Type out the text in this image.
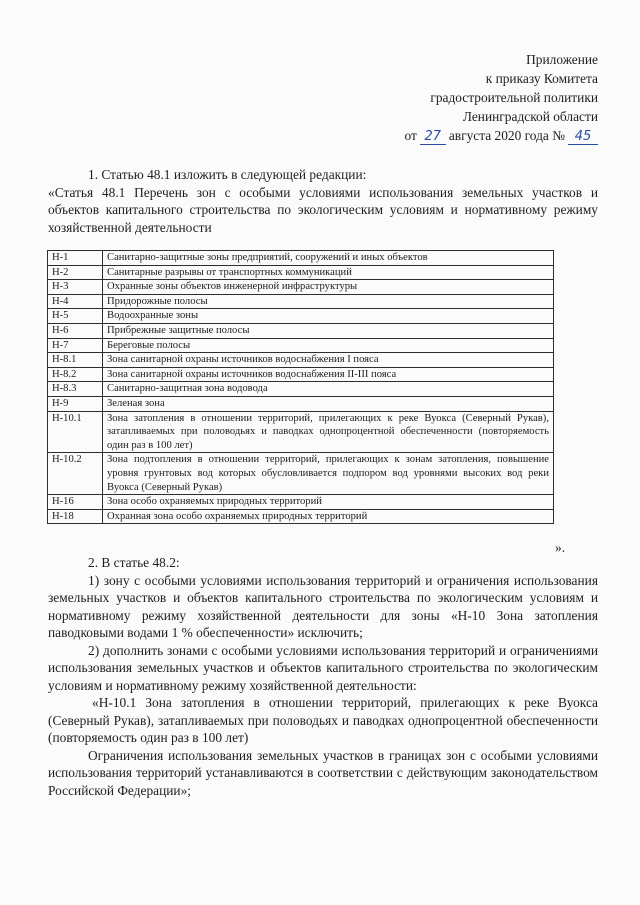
Приложение
к приказу Комитета
градостроительной политики
Ленинградской области
от 27 августа 2020 года № 45

1. Статью 48.1 изложить в следующей редакции:

«Статья 48.1 Перечень зон с особыми условиями использования земельных участков и объектов капитального строительства по экологическим условиям и нормативному режиму хозяйственной деятельности

Н-1	Санитарно-защитные зоны предприятий, сооружений и иных объектов
Н-2	Санитарные разрывы от транспортных коммуникаций
Н-3	Охранные зоны объектов инженерной инфраструктуры
Н-4	Придорожные полосы
Н-5	Водоохранные зоны
Н-6	Прибрежные защитные полосы
Н-7	Береговые полосы
Н-8.1	Зона санитарной охраны источников водоснабжения I пояса
Н-8.2	Зона санитарной охраны источников водоснабжения II-III пояса
Н-8.3	Санитарно-защитная зона водовода
Н-9	Зеленая зона
Н-10.1	Зона затопления в отношении территорий, прилегающих к реке Вуокса (Северный Рукав), затапливаемых при половодьях и паводках однопроцентной обеспеченности (повторяемость один раз в 100 лет)
Н-10.2	Зона подтопления в отношении территорий, прилегающих к зонам затопления, повышение уровня грунтовых вод которых обусловливается подпором вод уровнями высоких вод реки Вуокса (Северный Рукав)
Н-16	Зона особо охраняемых природных территорий
Н-18	Охранная зона особо охраняемых природных территорий
».

2. В статье 48.2:

1) зону с особыми условиями использования территорий и ограничения использования земельных участков и объектов капитального строительства по экологическим условиям и нормативному режиму хозяйственной деятельности для зоны «Н-10 Зона затопления паводковыми водами 1 % обеспеченности» исключить;

2) дополнить зонами с особыми условиями использования территорий и ограничениями использования земельных участков и объектов капитального строительства по экологическим условиям и нормативному режиму хозяйственной деятельности:

«Н-10.1 Зона затопления в отношении территорий, прилегающих к реке Вуокса (Северный Рукав), затапливаемых при половодьях и паводках однопроцентной обеспеченности (повторяемость один раз в 100 лет)

Ограничения использования земельных участков в границах зон с особыми условиями использования территорий устанавливаются в соответствии с действующим законодательством Российской Федерации»;
